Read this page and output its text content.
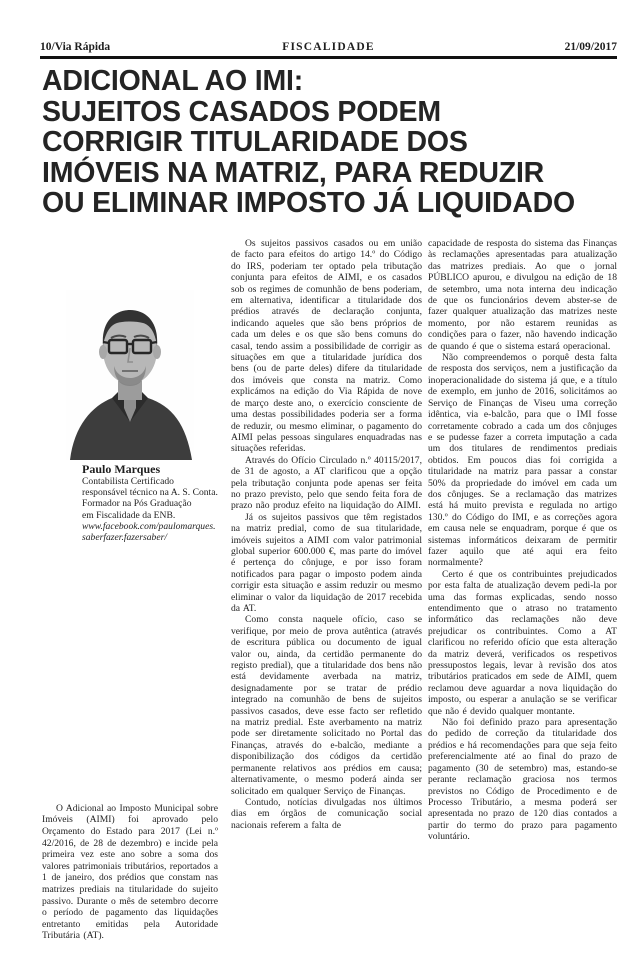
10/Via Rápida	FISCALIDADE	21/09/2017
ADICIONAL AO IMI:
SUJEITOS CASADOS PODEM
CORRIGIR TITULARIDADE DOS
IMÓVEIS NA MATRIZ, PARA REDUZIR
OU ELIMINAR IMPOSTO JÁ LIQUIDADO
Paulo Marques
Contabilista Certificado
responsável técnico na A. S. Conta.
Formador na Pós Graduação
em Fiscalidade da ENB.
www.facebook.com/paulomarques.
saberfazer.fazersaber/

O Adicional ao Imposto Municipal sobre Imóveis (AIMI) foi aprovado pelo Orçamento do Estado para 2017 (Lei n.º 42/2016, de 28 de dezembro) e incide pela primeira vez este ano sobre a soma dos valores patrimoniais tributários, reportados a 1 de janeiro, dos prédios que constam nas matrizes prediais na titularidade do sujeito passivo. Durante o mês de setembro decorre o período de pagamento das liquidações entretanto emitidas pela Autoridade Tributária (AT).

Os sujeitos passivos casados ou em união de facto para efeitos do artigo 14.º do Código do IRS, poderiam ter optado pela tributação conjunta para efeitos de AIMI, e os casados sob os regimes de comunhão de bens poderiam, em alternativa, identificar a titularidade dos prédios através de declaração conjunta, indicando aqueles que são bens próprios de cada um deles e os que são bens comuns do casal, tendo assim a possibilidade de corrigir as situações em que a titularidade jurídica dos bens (ou de parte deles) difere da titularidade dos imóveis que consta na matriz. Como explicámos na edição do Via Rápida de nove de março deste ano, o exercício consciente de uma destas possibilidades poderia ser a forma de reduzir, ou mesmo eliminar, o pagamento do AIMI pelas pessoas singulares enquadradas nas situações referidas.

Através do Ofício Circulado n.º 40115/2017, de 31 de agosto, a AT clarificou que a opção pela tributação conjunta pode apenas ser feita no prazo previsto, pelo que sendo feita fora de prazo não produz efeito na liquidação do AIMI.

Já os sujeitos passivos que têm registados na matriz predial, como de sua titularidade, imóveis sujeitos a AIMI com valor patrimonial global superior 600.000 €, mas parte do imóvel é pertença do cônjuge, e por isso foram notificados para pagar o imposto podem ainda corrigir esta situação e assim reduzir ou mesmo eliminar o valor da liquidação de 2017 recebida da AT.

Como consta naquele ofício, caso se verifique, por meio de prova autêntica (através de escritura pública ou documento de igual valor ou, ainda, da certidão permanente do registo predial), que a titularidade dos bens não está devidamente averbada na matriz, designadamente por se tratar de prédio integrado na comunhão de bens de sujeitos passivos casados, deve esse facto ser refletido na matriz predial. Este averbamento na matriz pode ser diretamente solicitado no Portal das Finanças, através do e-balcão, mediante a disponibilização dos códigos da certidão permanente relativos aos prédios em causa; alternativamente, o mesmo poderá ainda ser solicitado em qualquer Serviço de Finanças.

Contudo, notícias divulgadas nos últimos dias em órgãos de comunicação social nacionais referem a falta de

capacidade de resposta do sistema das Finanças às reclamações apresentadas para atualização das matrizes prediais. Ao que o jornal PÚBLICO apurou, e divulgou na edição de 18 de setembro, uma nota interna deu indicação de que os funcionários devem abster-se de fazer qualquer atualização das matrizes neste momento, por não estarem reunidas as condições para o fazer, não havendo indicação de quando é que o sistema estará operacional.

Não compreendemos o porquê desta falta de resposta dos serviços, nem a justificação da inoperacionalidade do sistema já que, e a título de exemplo, em junho de 2016, solicitámos ao Serviço de Finanças de Viseu uma correção idêntica, via e-balcão, para que o IMI fosse corretamente cobrado a cada um dos cônjuges e se pudesse fazer a correta imputação a cada um dos titulares de rendimentos prediais obtidos. Em poucos dias foi corrigida a titularidade na matriz para passar a constar 50% da propriedade do imóvel em cada um dos cônjuges. Se a reclamação das matrizes está há muito prevista e regulada no artigo 130.º do Código do IMI, e as correções agora em causa nele se enquadram, porque é que os sistemas informáticos deixaram de permitir fazer aquilo que até aqui era feito normalmente?

Certo é que os contribuintes prejudicados por esta falta de atualização devem pedi-la por uma das formas explicadas, sendo nosso entendimento que o atraso no tratamento informático das reclamações não deve prejudicar os contribuintes. Como a AT clarificou no referido ofício que esta alteração da matriz deverá, verificados os respetivos pressupostos legais, levar à revisão dos atos tributários praticados em sede de AIMI, quem reclamou deve aguardar a nova liquidação do imposto, ou esperar a anulação se se verificar que não é devido qualquer montante.

Não foi definido prazo para apresentação do pedido de correção da titularidade dos prédios e há recomendações para que seja feito preferencialmente até ao final do prazo de pagamento (30 de setembro) mas, estando-se perante reclamação graciosa nos termos previstos no Código de Procedimento e de Processo Tributário, a mesma poderá ser apresentada no prazo de 120 dias contados a partir do termo do prazo para pagamento voluntário.
